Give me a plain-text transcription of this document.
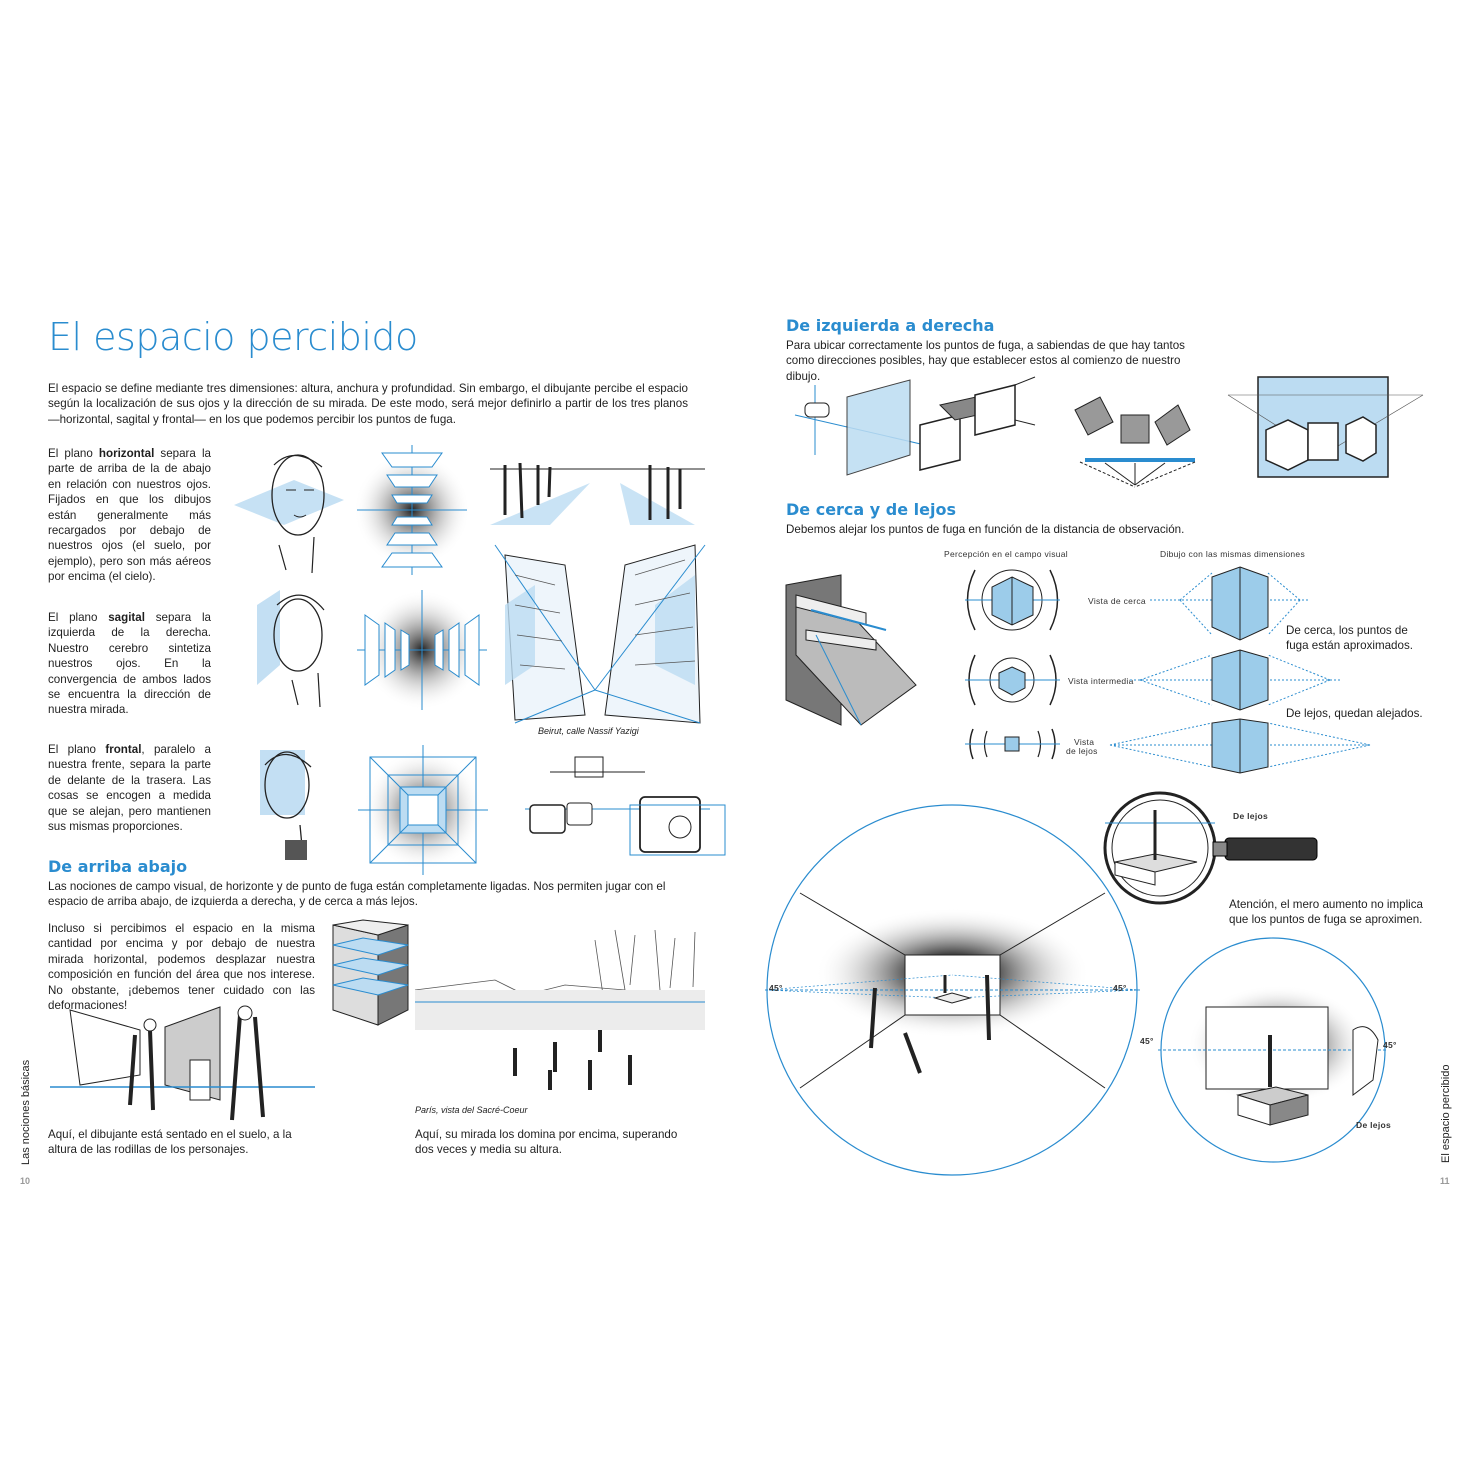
El espacio percibido
El espacio se define mediante tres dimensiones: altura, anchura y profundidad. Sin embargo, el dibujante percibe el espacio según la localización de sus ojos y la dirección de su mirada. De este modo, será mejor definirlo a partir de los tres planos —horizontal, sagital y frontal— en los que podemos percibir los puntos de fuga.
El plano horizontal separa la parte de arriba de la de abajo en relación con nuestros ojos. Fijados en que los dibujos están generalmente más recargados por debajo de nuestros ojos (el suelo, por ejemplo), pero son más aéreos por encima (el cielo).
El plano sagital separa la izquierda de la derecha. Nuestro cerebro sintetiza nuestros ojos. En la convergencia de ambos lados se encuentra la dirección de nuestra mirada.
El plano frontal, paralelo a nuestra frente, separa la parte de delante de la trasera. Las cosas se encogen a medida que se alejan, pero mantienen sus mismas proporciones.
Beirut, calle Nassif Yazigi
De arriba abajo
Las nociones de campo visual, de horizonte y de punto de fuga están completamente ligadas. Nos permiten jugar con el espacio de arriba abajo, de izquierda a derecha, y de cerca a más lejos.
Incluso si percibimos el espacio en la misma cantidad por encima y por debajo de nuestra mirada horizontal, podemos desplazar nuestra composición en función del área que nos interese. No obstante, ¡debemos tener cuidado con las deformaciones!
París, vista del Sacré-Coeur
Aquí, el dibujante está sentado en el suelo, a la altura de las rodillas de los personajes.
Aquí, su mirada los domina por encima, superando dos veces y media su altura.
Las nociones básicas
10
De izquierda a derecha
Para ubicar correctamente los puntos de fuga, a sabiendas de que hay tantos como direcciones posibles, hay que establecer estos al comienzo de nuestro dibujo.
De cerca y de lejos
Debemos alejar los puntos de fuga en función de la distancia de observación.
Percepción en el campo visual	Dibujo con las mismas dimensiones
Vista de cerca
De cerca, los puntos de fuga están aproximados.
Vista intermedia
De lejos, quedan alejados.
Vista
de lejos
De lejos
Atención, el mero aumento no implica que los puntos de fuga se aproximen.
45°	45°
45°	45°
De lejos	El espacio percibido
11
